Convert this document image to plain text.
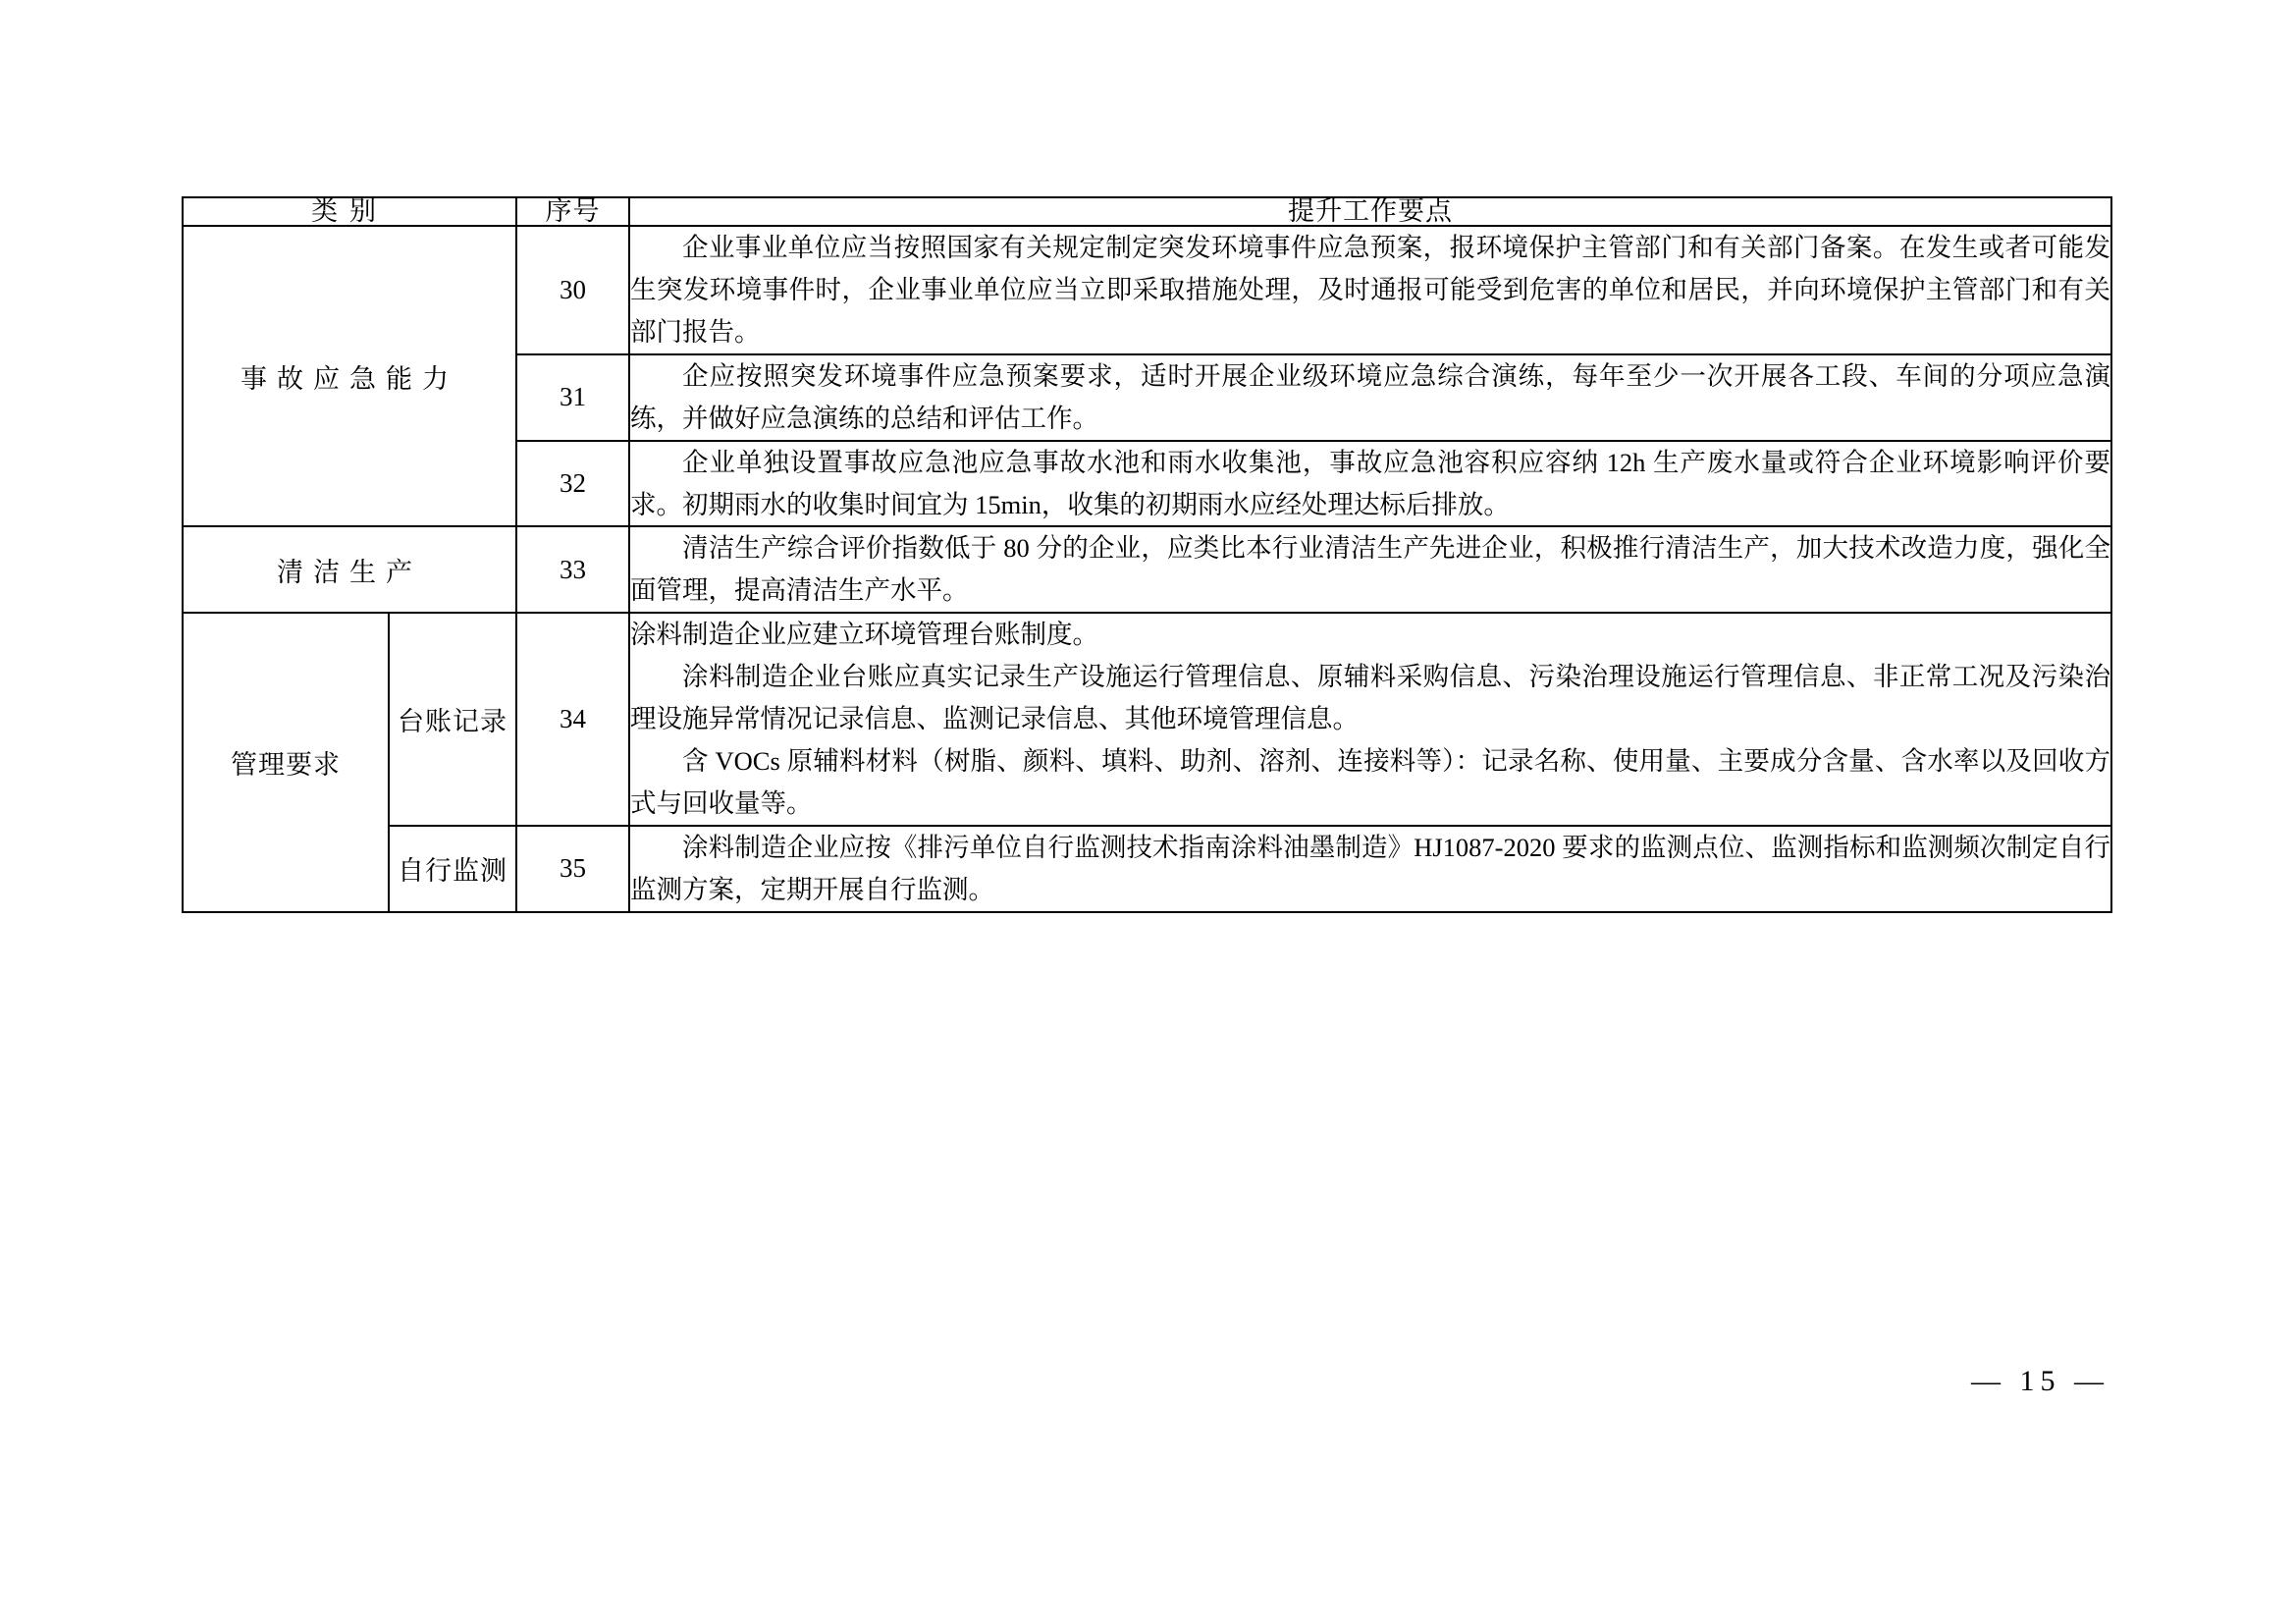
类别		序号	提升工作要点
事故应急能力		30	企业事业单位应当按照国家有关规定制定突发环境事件应急预案，报环境保护主管部门和有关部门备案。在发生或者可能发生突发环境事件时，企业事业单位应当立即采取措施处理，及时通报可能受到危害的单位和居民，并向环境保护主管部门和有关部门报告。

		31	企应按照突发环境事件应急预案要求，适时开展企业级环境应急综合演练，每年至少一次开展各工段、车间的分项应急演练，并做好应急演练的总结和评估工作。

		32	企业单独设置事故应急池应急事故水池和雨水收集池，事故应急池容积应容纳 12h 生产废水量或符合企业环境影响评价要求。初期雨水的收集时间宜为 15min，收集的初期雨水应经处理达标后排放。

清洁生产		33	清洁生产综合评价指数低于 80 分的企业，应类比本行业清洁生产先进企业，积极推行清洁生产，加大技术改造力度，强化全面管理，提高清洁生产水平。

管理要求	台账记录	34	涂料制造企业应建立环境管理台账制度。

涂料制造企业台账应真实记录生产设施运行管理信息、原辅料采购信息、污染治理设施运行管理信息、非正常工况及污染治理设施异常情况记录信息、监测记录信息、其他环境管理信息。

含 VOCs 原辅料材料（树脂、颜料、填料、助剂、溶剂、连接料等）：记录名称、使用量、主要成分含量、含水率以及回收方式与回收量等。

	自行监测	35	涂料制造企业应按《排污单位自行监测技术指南涂料油墨制造》HJ1087-2020 要求的监测点位、监测指标和监测频次制定自行监测方案，定期开展自行监测。

— 15 —
